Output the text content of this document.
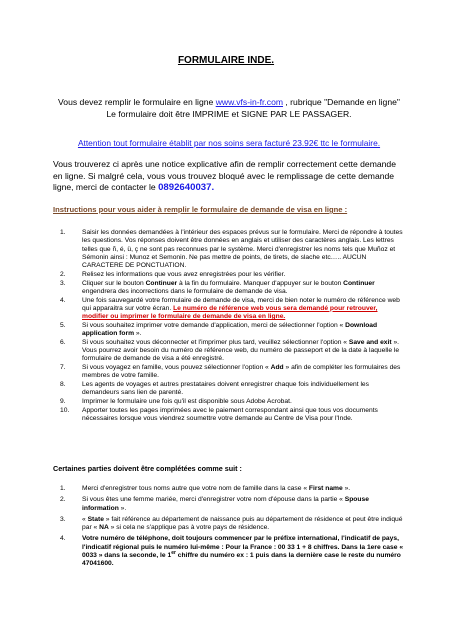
FORMULAIRE INDE.
Vous devez remplir le formulaire en ligne www.vfs-in-fr.com , rubrique "Demande en ligne" Le formulaire doit être IMPRIME et SIGNE PAR LE PASSAGER.
Attention tout formulaire établit par nos soins sera facturé 23.92€ ttc le formulaire.
Vous trouverez ci après une notice explicative afin de remplir correctement cette demande en ligne. Si malgré cela, vous vous trouvez bloqué avec le remplissage de cette demande ligne, merci de contacter le 0892640037.
Instructions pour vous aider à remplir le formulaire de demande de visa en ligne :
1. Saisir les données demandées à l'intérieur des espaces prévus sur le formulaire. Merci de répondre à toutes les questions. Vos réponses doivent être données en anglais et utiliser des caractères anglais. Les lettres telles que ñ, é, ü, ç ne sont pas reconnues par le système. Merci d'enregistrer les noms tels que Muñoz et Sémonin ainsi : Munoz et Semonin. Ne pas mettre de points, de tirets, de slache etc….. AUCUN CARACTERE DE PONCTUATION.
2. Relisez les informations que vous avez enregistrées pour les vérifier.
3. Cliquer sur le bouton Continuer à la fin du formulaire. Manquer d'appuyer sur le bouton Continuer engendrera des incorrections dans le formulaire de demande de visa.
4. Une fois sauvegardé votre formulaire de demande de visa, merci de bien noter le numéro de référence web qui apparaitra sur votre écran. Le numéro de référence web vous sera demandé pour retrouver, modifier ou imprimer le formulaire de demande de visa en ligne.
5. Si vous souhaitez imprimer votre demande d'application, merci de sélectionner l'option « Download application form ».
6. Si vous souhaitez vous déconnecter et l'imprimer plus tard, veuillez sélectionner l'option « Save and exit ». Vous pourrez avoir besoin du numéro de référence web, du numéro de passeport et de la date à laquelle le formulaire de demande de visa a été enregistré.
7. Si vous voyagez en famille, vous pouvez sélectionner l'option « Add » afin de compléter les formulaires des membres de votre famille.
8. Les agents de voyages et autres prestataires doivent enregistrer chaque fois individuellement les demandeurs sans lien de parenté.
9. Imprimer le formulaire une fois qu'il est disponible sous Adobe Acrobat.
10. Apporter toutes les pages imprimées avec le paiement correspondant ainsi que tous vos documents nécessaires lorsque vous viendrez soumettre votre demande au Centre de Visa pour l'Inde.
Certaines parties doivent être complétées comme suit :
1. Merci d'enregistrer tous noms autre que votre nom de famille dans la case « First name ».
2. Si vous êtes une femme mariée, merci d'enregistrer votre nom d'épouse dans la partie « Spouse information ».
3. « State » fait référence au département de naissance puis au département de résidence et peut être indiqué par « NA » si cela ne s'applique pas à votre pays de résidence.
4. Votre numéro de téléphone, doit toujours commencer par le préfixe international, l'indicatif de pays, l'indicatif régional puis le numéro lui-même : Pour la France : 00 33 1 + 8 chiffres. Dans la 1ere case « 0033 » dans la seconde, le 1er chiffre du numéro ex : 1 puis dans la dernière case le reste du numéro 47041600.
